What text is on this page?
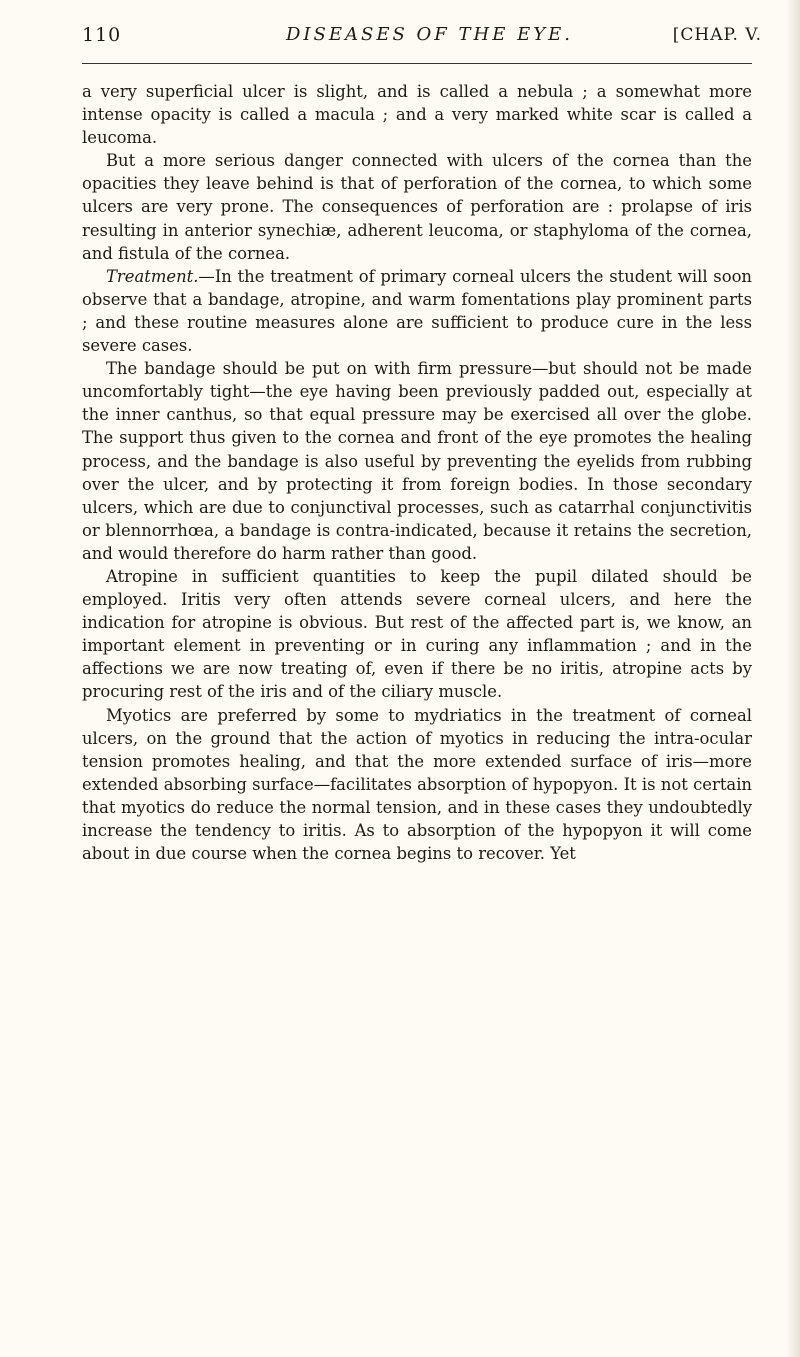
110	DISEASES OF THE EYE.	[CHAP. V.

a very superficial ulcer is slight, and is called a nebula ; a somewhat more intense opacity is called a macula ; and a very marked white scar is called a leucoma.

But a more serious danger connected with ulcers of the cornea than the opacities they leave behind is that of perforation of the cornea, to which some ulcers are very prone. The consequences of perforation are : prolapse of iris resulting in anterior synechiæ, adherent leucoma, or staphyloma of the cornea, and fistula of the cornea.

Treatment.—In the treatment of primary corneal ulcers the student will soon observe that a bandage, atropine, and warm fomentations play prominent parts ; and these routine measures alone are sufficient to produce cure in the less severe cases.

The bandage should be put on with firm pressure—but should not be made uncomfortably tight—the eye having been previously padded out, especially at the inner canthus, so that equal pressure may be exercised all over the globe. The support thus given to the cornea and front of the eye promotes the healing process, and the bandage is also useful by preventing the eyelids from rubbing over the ulcer, and by protecting it from foreign bodies. In those secondary ulcers, which are due to conjunctival processes, such as catarrhal conjunctivitis or blennorrhœa, a bandage is contra-indicated, because it retains the secretion, and would therefore do harm rather than good.

Atropine in sufficient quantities to keep the pupil dilated should be employed. Iritis very often attends severe corneal ulcers, and here the indication for atropine is obvious. But rest of the affected part is, we know, an important element in preventing or in curing any inflammation ; and in the affections we are now treating of, even if there be no iritis, atropine acts by procuring rest of the iris and of the ciliary muscle.

Myotics are preferred by some to mydriatics in the treatment of corneal ulcers, on the ground that the action of myotics in reducing the intra-ocular tension promotes healing, and that the more extended surface of iris—more extended absorbing surface—facilitates absorption of hypopyon. It is not certain that myotics do reduce the normal tension, and in these cases they undoubtedly increase the tendency to iritis. As to absorption of the hypopyon it will come about in due course when the cornea begins to recover. Yet
